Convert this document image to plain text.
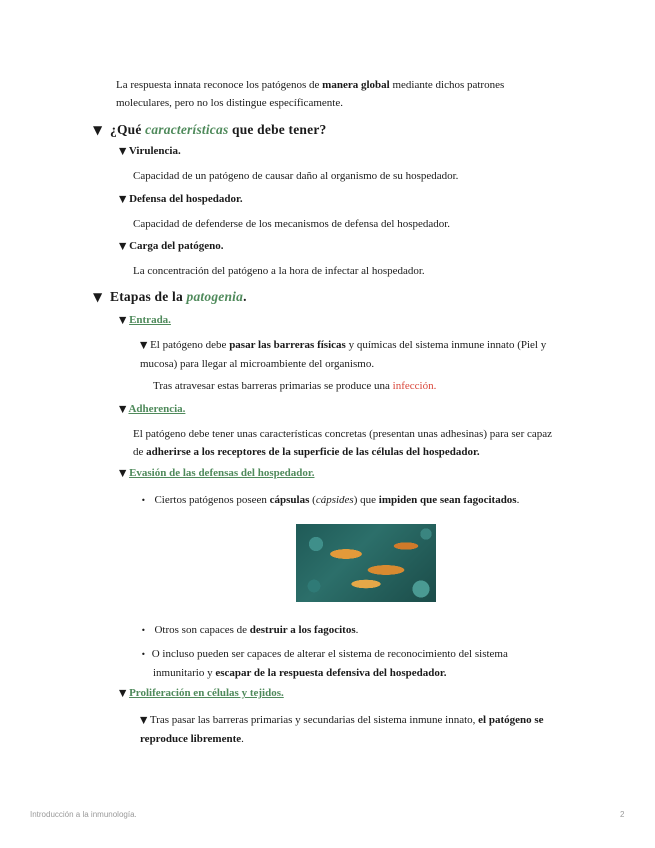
La respuesta innata reconoce los patógenos de manera global mediante dichos patrones
moleculares, pero no los distingue específicamente.
▼ ¿Qué características que debe tener?
▼ Virulencia.
Capacidad de un patógeno de causar daño al organismo de su hospedador.
▼ Defensa del hospedador.
Capacidad de defenderse de los mecanismos de defensa del hospedador.
▼ Carga del patógeno.
La concentración del patógeno a la hora de infectar al hospedador.
▼ Etapas de la patogenia.
▼ Entrada.
▼ El patógeno debe pasar las barreras físicas y químicas del sistema inmune innato (Piel y
mucosa) para llegar al microambiente del organismo.
Tras atravesar estas barreras primarias se produce una infección.
▼ Adherencia.
El patógeno debe tener unas características concretas (presentan unas adhesinas) para ser capaz
de adherirse a los receptores de la superficie de las células del hospedador.
▼ Evasión de las defensas del hospedador.
• Ciertos patógenos poseen cápsulas (cápsides) que impiden que sean fagocitados.
• Otros son capaces de destruir a los fagocitos.
• O incluso pueden ser capaces de alterar el sistema de reconocimiento del sistema
inmunitario y escapar de la respuesta defensiva del hospedador.
▼ Proliferación en células y tejidos.
▼ Tras pasar las barreras primarias y secundarias del sistema inmune innato, el patógeno se
reproduce libremente.
Introducción a la inmunología.	2
